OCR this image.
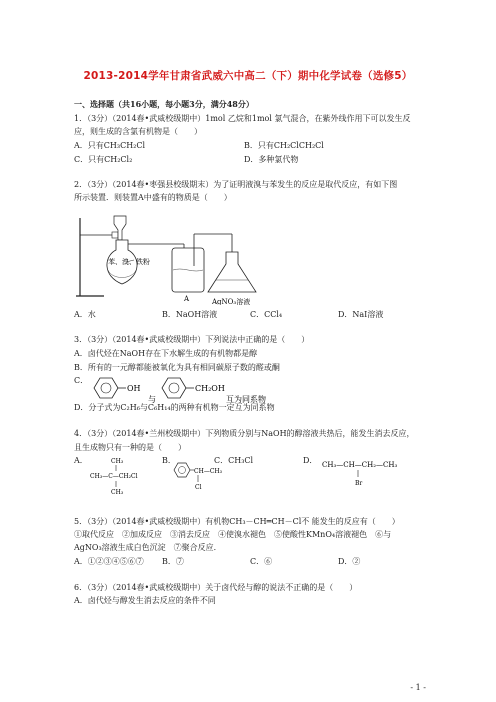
2013-2014学年甘肃省武威六中高二（下）期中化学试卷（选修5）
一、选择题（共16小题，每小题3分，满分48分）
1．（3分）（2014春•武威校级期中）1mol 乙烷和1mol 氯气混合，在紫外线作用下可以发生反
应，则生成的含氯有机物是（　　）
A．只有CH₃CH₂Cl	B．只有CH₂ClCH₂Cl
C．只有CH₂Cl₂	D．多种氯代物
2．（3分）（2014春•枣强县校级期末）为了证明液溴与苯发生的反应是取代反应，有如下图
所示装置．则装置A中盛有的物质是（　　）
苯、溴、铁粉
A	AgNO₃溶液
A．水	B．NaOH溶液	C．CCl₄	D．NaI溶液
3．（3分）（2014春•武威校级期中）下列说法中正确的是（　　）
A．卤代烃在NaOH存在下水解生成的有机物都是醇
B．所有的一元醇都能被氧化为具有相同碳原子数的醛或酮
C．
OH
与
CH₂OH
互为同系物
D．分子式为C₂H₆与C₆H₁₄的两种有机物一定互为同系物
4．（3分）（2014春•兰州校级期中）下列物质分别与NaOH的醇溶液共热后，能发生消去反应，
且生成物只有一种的是（　　）
A．	B．	C．CH₃Cl	D．
CH₃
CH₃—C—CH₂Cl
CH₃
CH—CH₃
Cl
CH₃—CH—CH₂—CH₃
Br
5．（3分）（2014春•武威校级期中）有机物CH₃－CH═CH－Cl不 能发生的反应有（　　）
①取代反应　②加成反应　③消去反应　④使溴水褪色　⑤使酸性KMnO₄溶液褪色　⑥与
AgNO₃溶液生成白色沉淀　⑦聚合反应．
A．①②③④⑤⑥⑦ B．⑦	C．⑥	D．②
6．（3分）（2014春•武威校级期中）关于卤代烃与醇的说法不正确的是（　　）
A．卤代烃与醇发生消去反应的条件不同
- 1 -
